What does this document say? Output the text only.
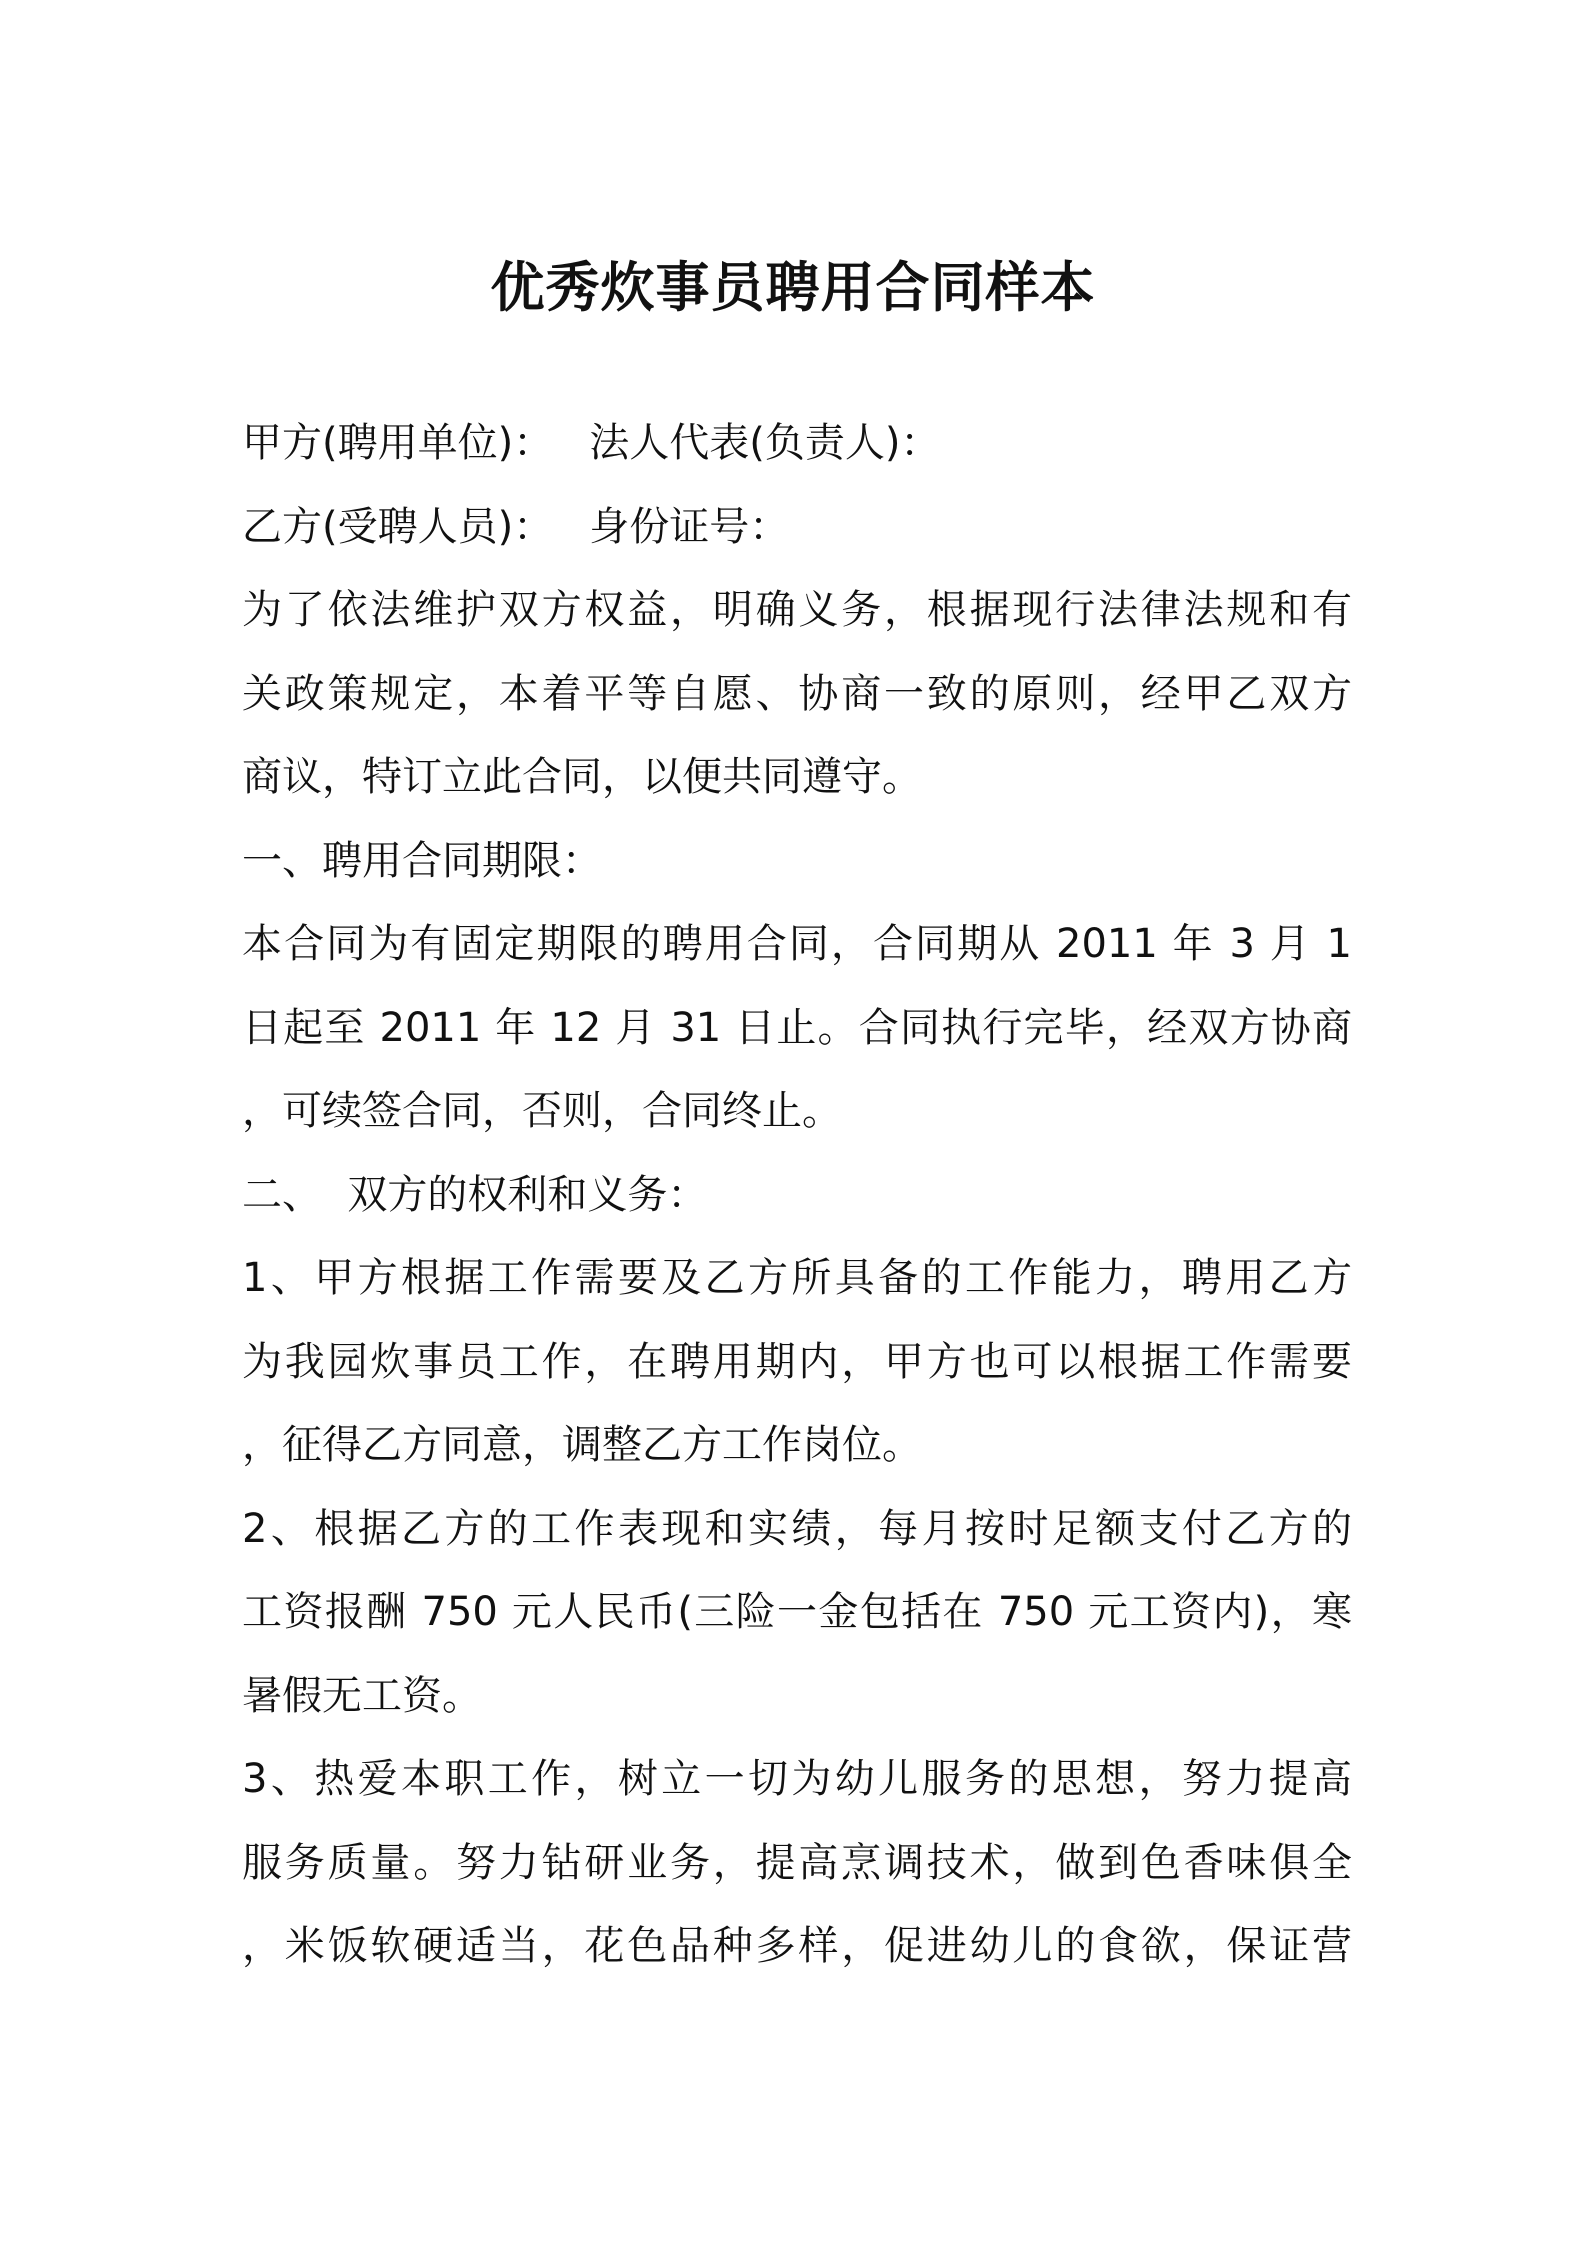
优秀炊事员聘用合同样本
甲方(聘用单位)： 法人代表(负责人)：
乙方(受聘人员)： 身份证号：
为了依法维护双方权益，明确义务，根据现行法律法规和有
关政策规定，本着平等自愿、协商一致的原则，经甲乙双方
商议，特订立此合同，以便共同遵守。
一、聘用合同期限：
本合同为有固定期限的聘用合同，合同期从 2011 年 3 月 1
日起至 2011 年 12 月 31 日止。合同执行完毕，经双方协商
，可续签合同，否则，合同终止。
二、  双方的权利和义务：
1、甲方根据工作需要及乙方所具备的工作能力，聘用乙方
为我园炊事员工作，在聘用期内，甲方也可以根据工作需要
，征得乙方同意，调整乙方工作岗位。
2、根据乙方的工作表现和实绩，每月按时足额支付乙方的
工资报酬 750 元人民币(三险一金包括在 750 元工资内)，寒
暑假无工资。
3、热爱本职工作，树立一切为幼儿服务的思想，努力提高
服务质量。努力钻研业务，提高烹调技术，做到色香味俱全
，米饭软硬适当，花色品种多样，促进幼儿的食欲，保证营
